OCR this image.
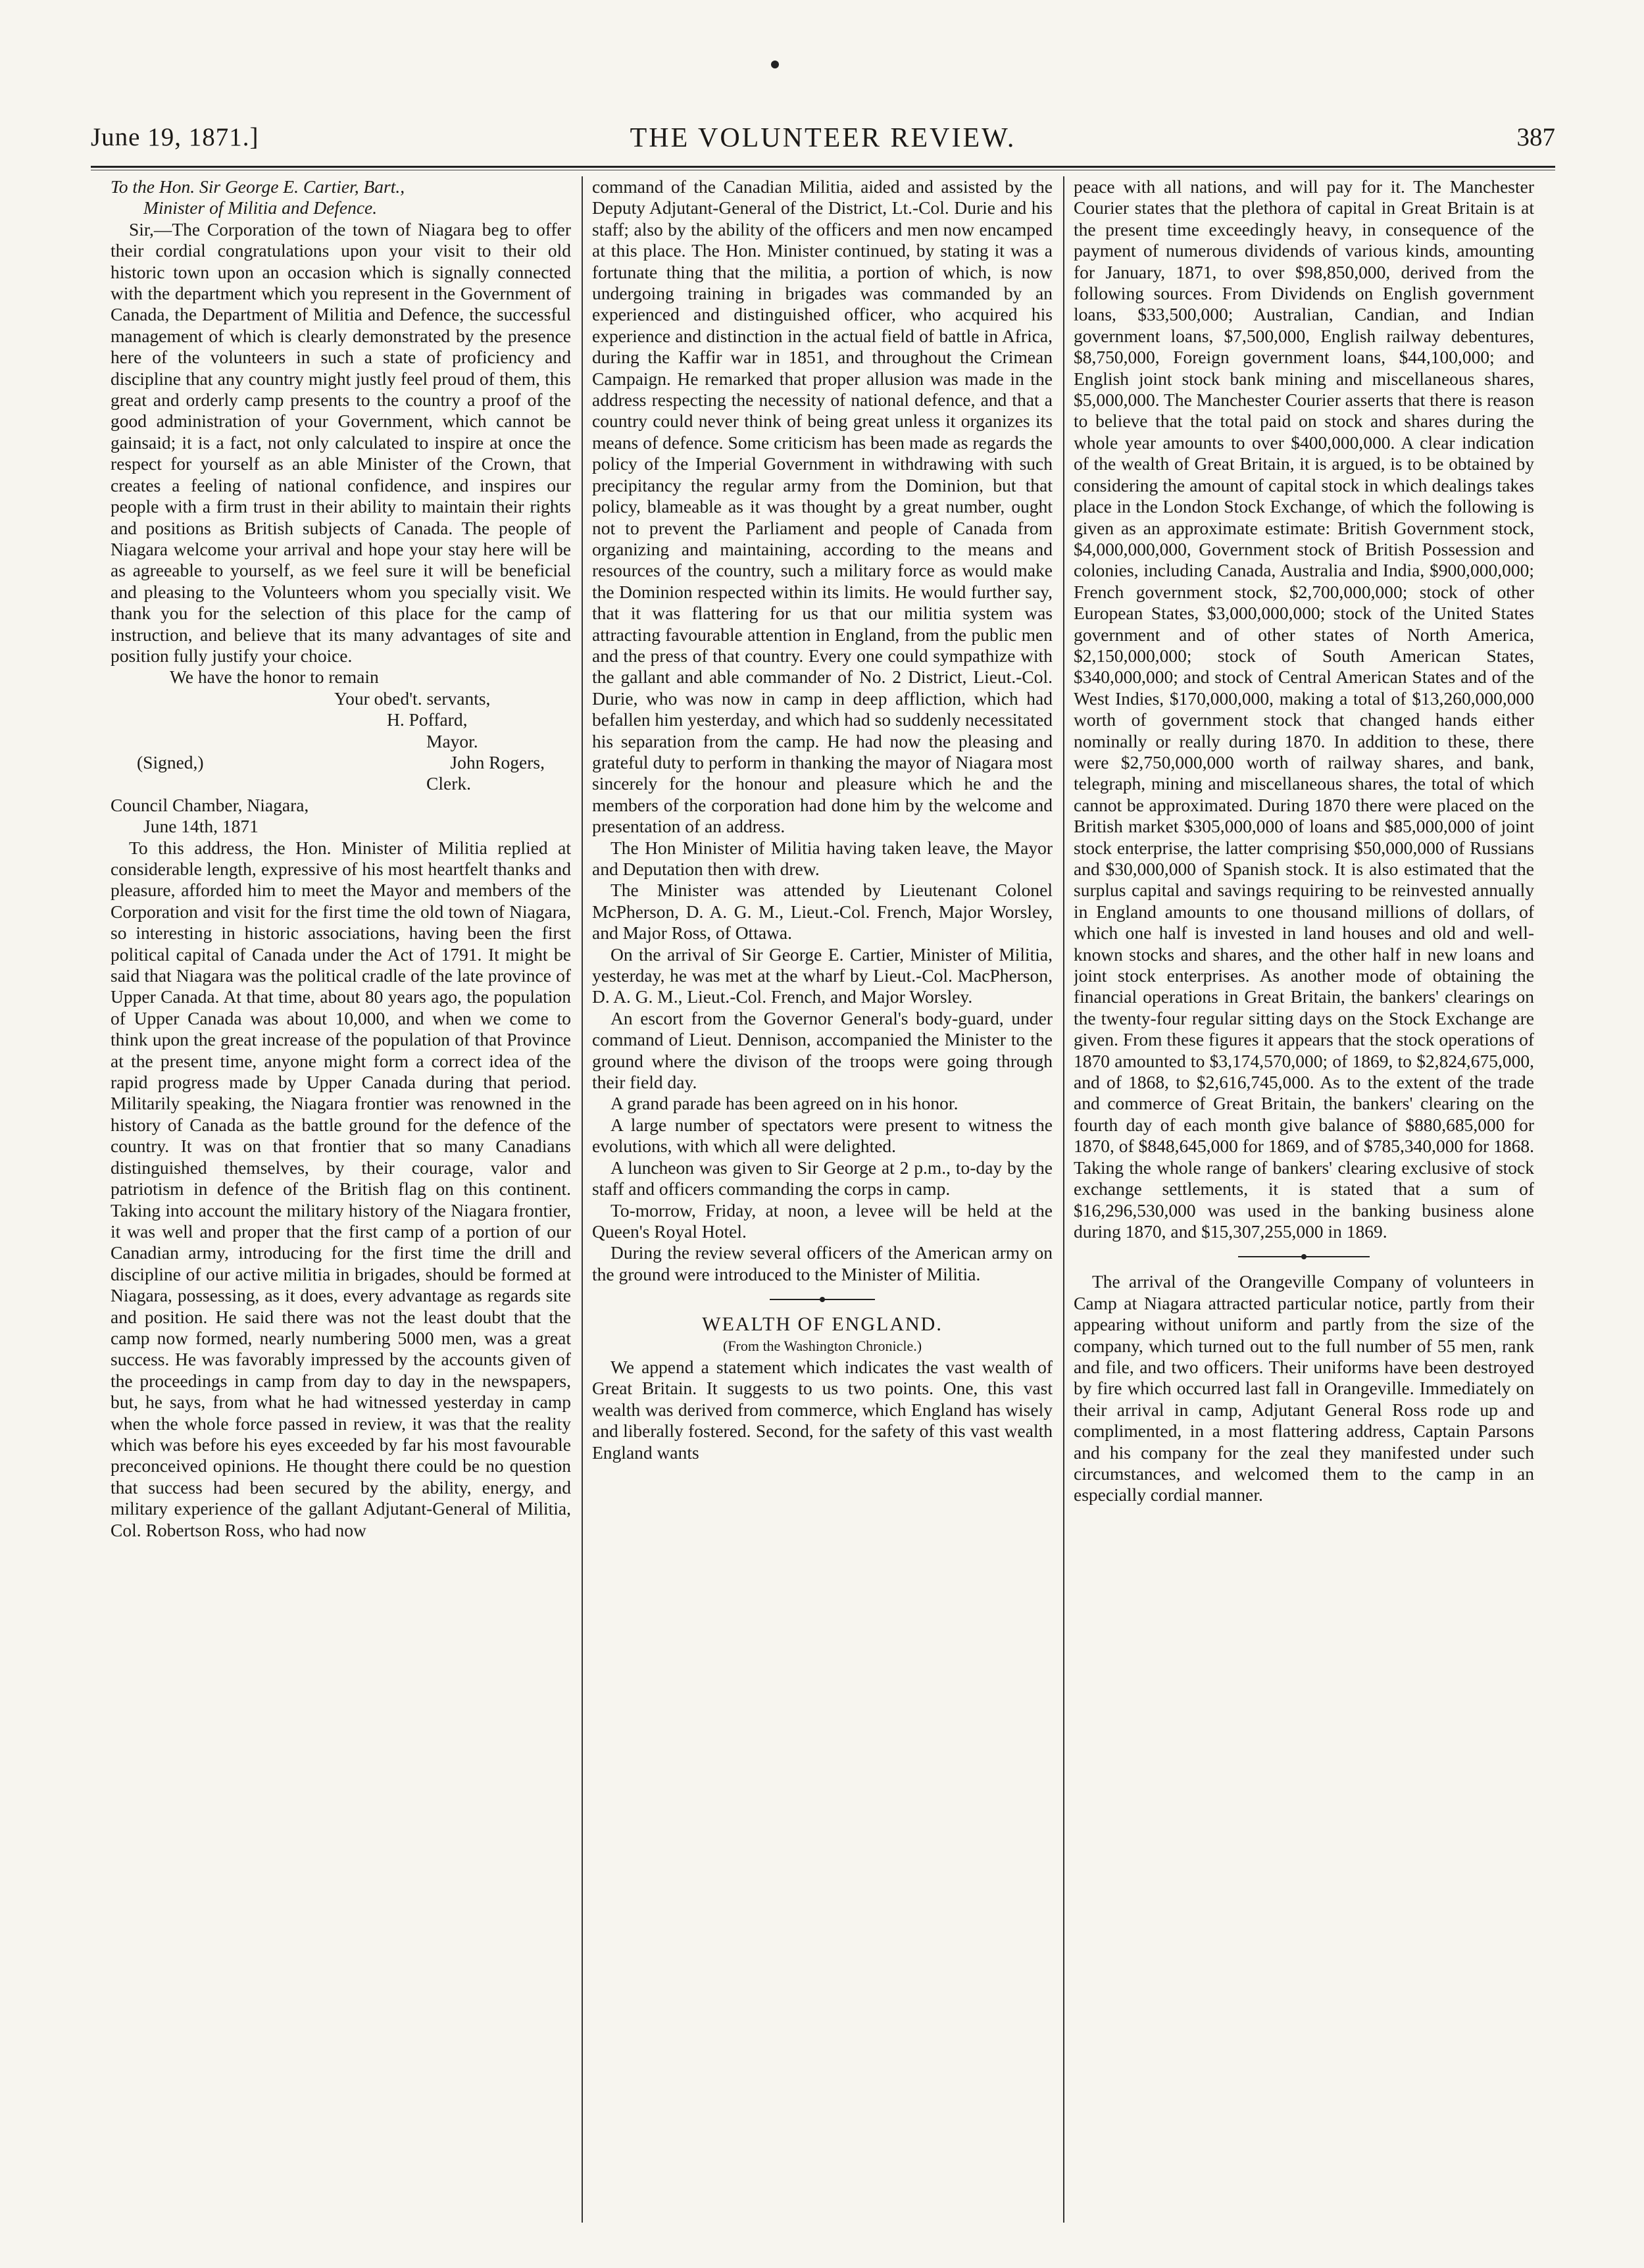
June 19, 1871.]	THE VOLUNTEER REVIEW.	387

To the Hon. Sir George E. Cartier, Bart.,

Minister of Militia and Defence.

Sir,—The Corporation of the town of Niagara beg to offer their cordial congratulations upon your visit to their old historic town upon an occasion which is signally connected with the department which you represent in the Government of Canada, the Department of Militia and Defence, the successful management of which is clearly demonstrated by the presence here of the volunteers in such a state of proficiency and discipline that any country might justly feel proud of them, this great and orderly camp presents to the country a proof of the good administration of your Government, which cannot be gainsaid; it is a fact, not only calculated to inspire at once the respect for yourself as an able Minister of the Crown, that creates a feeling of national confidence, and inspires our people with a firm trust in their ability to maintain their rights and positions as British subjects of Canada. The people of Niagara welcome your arrival and hope your stay here will be as agreeable to yourself, as we feel sure it will be beneficial and pleasing to the Volunteers whom you specially visit. We thank you for the selection of this place for the camp of instruction, and believe that its many advantages of site and position fully justify your choice.

We have the honor to remain

Your obed't. servants,

H. Poffard,

Mayor.

(Signed,)	John Rogers,

Clerk.

Council Chamber, Niagara,

June 14th, 1871

To this address, the Hon. Minister of Militia replied at considerable length, expressive of his most heartfelt thanks and pleasure, afforded him to meet the Mayor and members of the Corporation and visit for the first time the old town of Niagara, so interesting in historic associations, having been the first political capital of Canada under the Act of 1791. It might be said that Niagara was the political cradle of the late province of Upper Canada. At that time, about 80 years ago, the population of Upper Canada was about 10,000, and when we come to think upon the great increase of the population of that Province at the present time, anyone might form a correct idea of the rapid progress made by Upper Canada during that period. Militarily speaking, the Niagara frontier was renowned in the history of Canada as the battle ground for the defence of the country. It was on that frontier that so many Canadians distinguished themselves, by their courage, valor and patriotism in defence of the British flag on this continent. Taking into account the military history of the Niagara frontier, it was well and proper that the first camp of a portion of our Canadian army, introducing for the first time the drill and discipline of our active militia in brigades, should be formed at Niagara, possessing, as it does, every advantage as regards site and position. He said there was not the least doubt that the camp now formed, nearly numbering 5000 men, was a great success. He was favorably impressed by the accounts given of the proceedings in camp from day to day in the newspapers, but, he says, from what he had witnessed yesterday in camp when the whole force passed in review, it was that the reality which was before his eyes exceeded by far his most favourable preconceived opinions. He thought there could be no question that success had been secured by the ability, energy, and military experience of the gallant Adjutant-General of Militia, Col. Robertson Ross, who had now

command of the Canadian Militia, aided and assisted by the Deputy Adjutant-General of the District, Lt.-Col. Durie and his staff; also by the ability of the officers and men now encamped at this place. The Hon. Minister continued, by stating it was a fortunate thing that the militia, a portion of which, is now undergoing training in brigades was commanded by an experienced and distinguished officer, who acquired his experience and distinction in the actual field of battle in Africa, during the Kaffir war in 1851, and throughout the Crimean Campaign. He remarked that proper allusion was made in the address respecting the necessity of national defence, and that a country could never think of being great unless it organizes its means of defence. Some criticism has been made as regards the policy of the Imperial Government in withdrawing with such precipitancy the regular army from the Dominion, but that policy, blameable as it was thought by a great number, ought not to prevent the Parliament and people of Canada from organizing and maintaining, according to the means and resources of the country, such a military force as would make the Dominion respected within its limits. He would further say, that it was flattering for us that our militia system was attracting favourable attention in England, from the public men and the press of that country. Every one could sympathize with the gallant and able commander of No. 2 District, Lieut.-Col. Durie, who was now in camp in deep affliction, which had befallen him yesterday, and which had so suddenly necessitated his separation from the camp. He had now the pleasing and grateful duty to perform in thanking the mayor of Niagara most sincerely for the honour and pleasure which he and the members of the corporation had done him by the welcome and presentation of an address.

The Hon Minister of Militia having taken leave, the Mayor and Deputation then with drew.

The Minister was attended by Lieutenant Colonel McPherson, D. A. G. M., Lieut.-Col. French, Major Worsley, and Major Ross, of Ottawa.

On the arrival of Sir George E. Cartier, Minister of Militia, yesterday, he was met at the wharf by Lieut.-Col. MacPherson, D. A. G. M., Lieut.-Col. French, and Major Worsley.

An escort from the Governor General's body-guard, under command of Lieut. Dennison, accompanied the Minister to the ground where the divison of the troops were going through their field day.

A grand parade has been agreed on in his honor.

A large number of spectators were present to witness the evolutions, with which all were delighted.

A luncheon was given to Sir George at 2 p.m., to-day by the staff and officers commanding the corps in camp.

To-morrow, Friday, at noon, a levee will be held at the Queen's Royal Hotel.

During the review several officers of the American army on the ground were introduced to the Minister of Militia.

WEALTH OF ENGLAND.

(From the Washington Chronicle.)

We append a statement which indicates the vast wealth of Great Britain. It suggests to us two points. One, this vast wealth was derived from commerce, which England has wisely and liberally fostered. Second, for the safety of this vast wealth England wants

peace with all nations, and will pay for it. The Manchester Courier states that the plethora of capital in Great Britain is at the present time exceedingly heavy, in consequence of the payment of numerous dividends of various kinds, amounting for January, 1871, to over $98,850,000, derived from the following sources. From Dividends on English government loans, $33,500,000; Australian, Candian, and Indian government loans, $7,500,000, English railway debentures, $8,750,000, Foreign government loans, $44,100,000; and English joint stock bank mining and miscellaneous shares, $5,000,000. The Manchester Courier asserts that there is reason to believe that the total paid on stock and shares during the whole year amounts to over $400,000,000. A clear indication of the wealth of Great Britain, it is argued, is to be obtained by considering the amount of capital stock in which dealings takes place in the London Stock Exchange, of which the following is given as an approximate estimate: British Government stock, $4,000,000,000, Government stock of British Possession and colonies, including Canada, Australia and India, $900,000,000; French government stock, $2,700,000,000; stock of other European States, $3,000,000,000; stock of the United States government and of other states of North America, $2,150,000,000; stock of South American States, $340,000,000; and stock of Central American States and of the West Indies, $170,000,000, making a total of $13,260,000,000 worth of government stock that changed hands either nominally or really during 1870. In addition to these, there were $2,750,000,000 worth of railway shares, and bank, telegraph, mining and miscellaneous shares, the total of which cannot be approximated. During 1870 there were placed on the British market $305,000,000 of loans and $85,000,000 of joint stock enterprise, the latter comprising $50,000,000 of Russians and $30,000,000 of Spanish stock. It is also estimated that the surplus capital and savings requiring to be reinvested annually in England amounts to one thousand millions of dollars, of which one half is invested in land houses and old and well-known stocks and shares, and the other half in new loans and joint stock enterprises. As another mode of obtaining the financial operations in Great Britain, the bankers' clearings on the twenty-four regular sitting days on the Stock Exchange are given. From these figures it appears that the stock operations of 1870 amounted to $3,174,570,000; of 1869, to $2,824,675,000, and of 1868, to $2,616,745,000. As to the extent of the trade and commerce of Great Britain, the bankers' clearing on the fourth day of each month give balance of $880,685,000 for 1870, of $848,645,000 for 1869, and of $785,340,000 for 1868. Taking the whole range of bankers' clearing exclusive of stock exchange settlements, it is stated that a sum of $16,296,530,000 was used in the banking business alone during 1870, and $15,307,255,000 in 1869.

The arrival of the Orangeville Company of volunteers in Camp at Niagara attracted particular notice, partly from their appearing without uniform and partly from the size of the company, which turned out to the full number of 55 men, rank and file, and two officers. Their uniforms have been destroyed by fire which occurred last fall in Orangeville. Immediately on their arrival in camp, Adjutant General Ross rode up and complimented, in a most flattering address, Captain Parsons and his company for the zeal they manifested under such circumstances, and welcomed them to the camp in an especially cordial manner.
